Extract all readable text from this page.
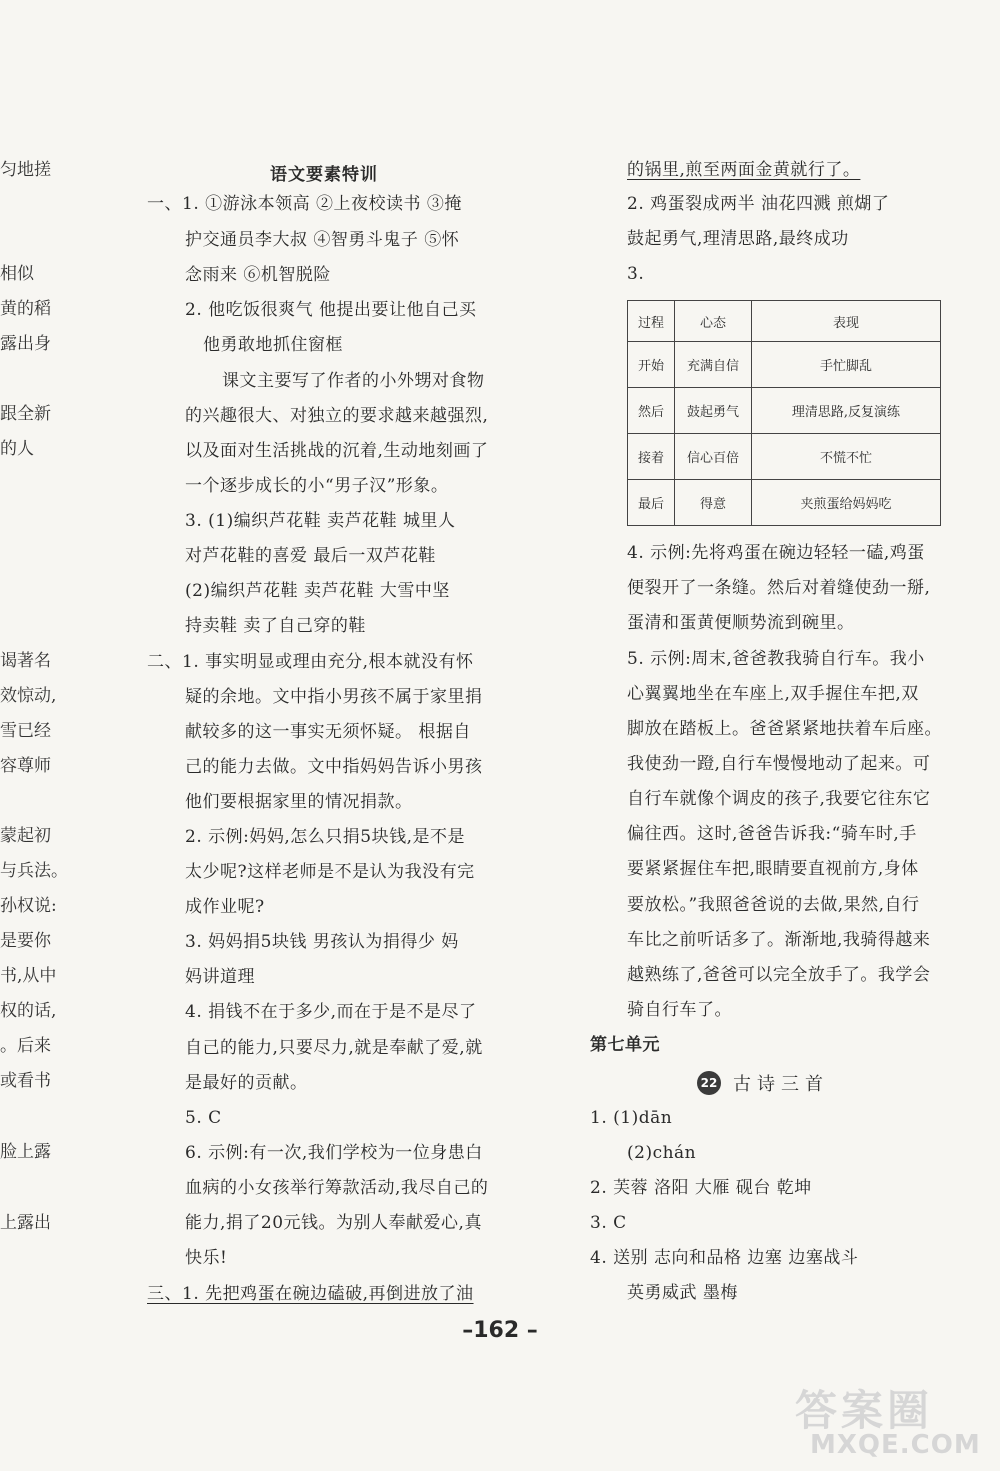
匀地搓
相似
黄的稻
露出身
跟全新
的人
谒著名
效惊动,
雪已经
容尊师
蒙起初
与兵法。
孙权说:
是要你
书,从中
权的话,
。后来
或看书
脸上露
上露出
语文要素特训
一、1. ①游泳本领高 ②上夜校读书 ③掩
护交通员李大叔 ④智勇斗鬼子 ⑤怀
念雨来 ⑥机智脱险
2. 他吃饭很爽气 他提出要让他自己买
他勇敢地抓住窗框
课文主要写了作者的小外甥对食物
的兴趣很大、对独立的要求越来越强烈,
以及面对生活挑战的沉着,生动地刻画了
一个逐步成长的小“男子汉”形象。
3. (1)编织芦花鞋 卖芦花鞋 城里人
对芦花鞋的喜爱 最后一双芦花鞋
(2)编织芦花鞋 卖芦花鞋 大雪中坚
持卖鞋 卖了自己穿的鞋
二、1. 事实明显或理由充分,根本就没有怀
疑的余地。文中指小男孩不属于家里捐
献较多的这一事实无须怀疑。 根据自
己的能力去做。文中指妈妈告诉小男孩
他们要根据家里的情况捐款。
2. 示例:妈妈,怎么只捐5块钱,是不是
太少呢?这样老师是不是认为我没有完
成作业呢?
3. 妈妈捐5块钱 男孩认为捐得少 妈
妈讲道理
4. 捐钱不在于多少,而在于是不是尽了
自己的能力,只要尽力,就是奉献了爱,就
是最好的贡献。
5. C
6. 示例:有一次,我们学校为一位身患白
血病的小女孩举行筹款活动,我尽自己的
能力,捐了20元钱。为别人奉献爱心,真
快乐!
三、1. 先把鸡蛋在碗边磕破,再倒进放了油
的锅里,煎至两面金黄就行了。
2. 鸡蛋裂成两半 油花四溅 煎煳了
鼓起勇气,理清思路,最终成功
3.
过程	心态	表现
开始	充满自信	手忙脚乱
然后	鼓起勇气	理清思路,反复演练
接着	信心百倍	不慌不忙
最后	得意	夹煎蛋给妈妈吃
4. 示例:先将鸡蛋在碗边轻轻一磕,鸡蛋
便裂开了一条缝。然后对着缝使劲一掰,
蛋清和蛋黄便顺势流到碗里。
5. 示例:周末,爸爸教我骑自行车。我小
心翼翼地坐在车座上,双手握住车把,双
脚放在踏板上。爸爸紧紧地扶着车后座。
我使劲一蹬,自行车慢慢地动了起来。可
自行车就像个调皮的孩子,我要它往东它
偏往西。这时,爸爸告诉我:“骑车时,手
要紧紧握住车把,眼睛要直视前方,身体
要放松。”我照爸爸说的去做,果然,自行
车比之前听话多了。渐渐地,我骑得越来
越熟练了,爸爸可以完全放手了。我学会
骑自行车了。
第七单元
22 古诗三首
1. (1)dān
(2)chán
2. 芙蓉 洛阳 大雁 砚台 乾坤
3. C
4. 送别 志向和品格 边塞 边塞战斗
英勇威武 墨梅
–162 –
答案圈
MXQE.COM
